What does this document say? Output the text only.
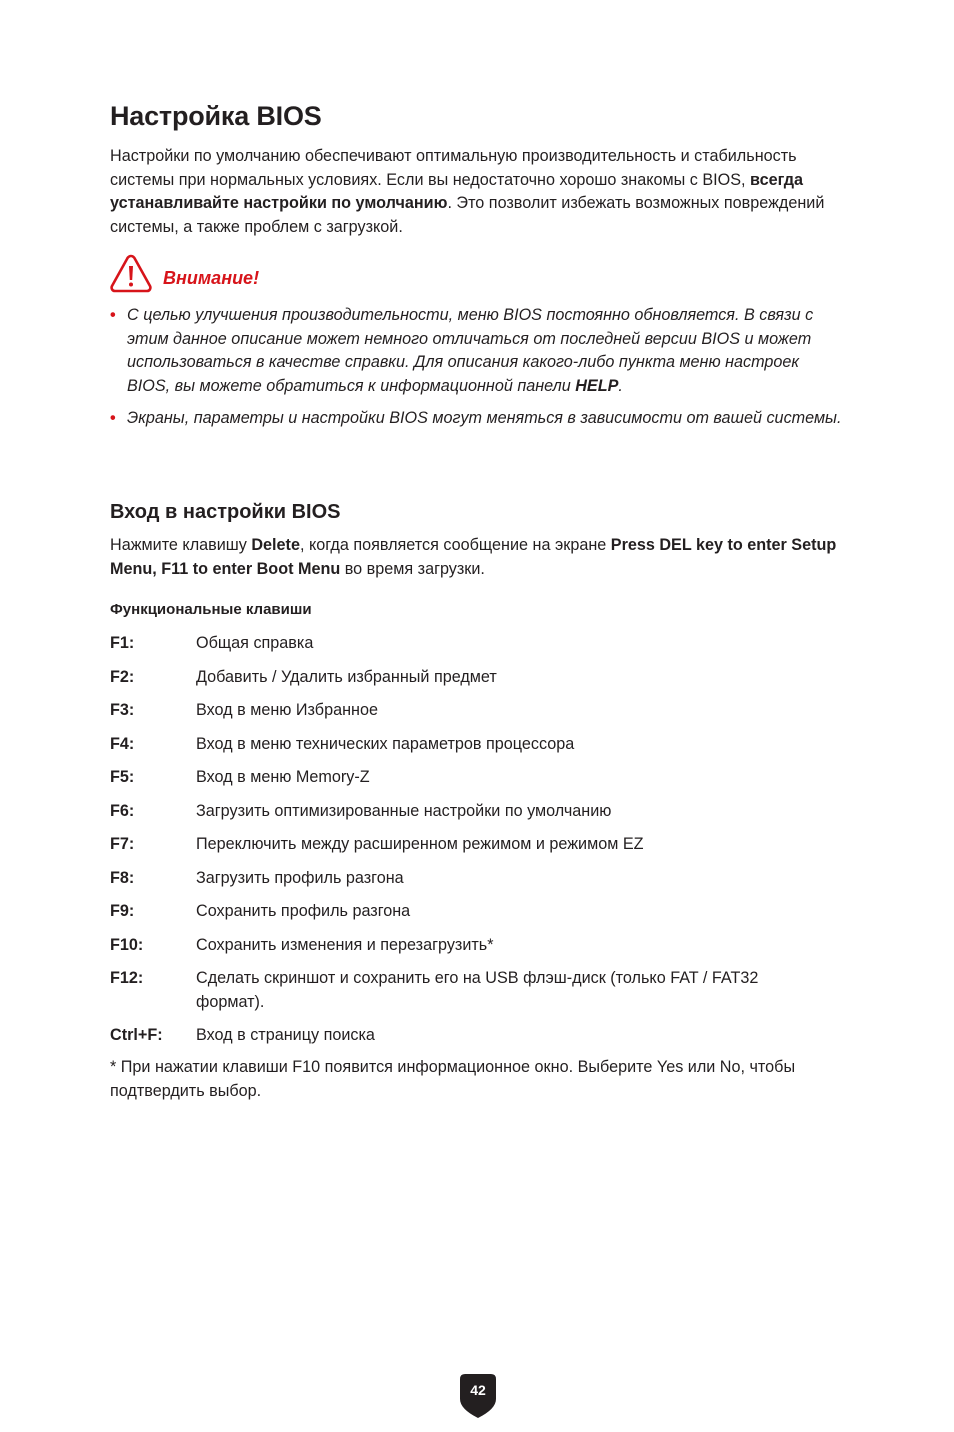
Настройка BIOS
Настройки по умолчанию обеспечивают оптимальную производительность и стабильность системы при нормальных условиях. Если вы недостаточно хорошо знакомы с BIOS, всегда устанавливайте настройки по умолчанию. Это позволит избежать возможных повреждений системы, а также проблем с загрузкой.
Внимание!
• С целью улучшения производительности, меню BIOS постоянно обновляется. В связи с этим данное описание может немного отличаться от последней версии BIOS и может использоваться в качестве справки. Для описания какого-либо пункта меню настроек BIOS, вы можете обратиться к информационной панели HELP.
• Экраны, параметры и настройки BIOS могут меняться в зависимости от вашей системы.
Вход в настройки BIOS
Нажмите клавишу Delete, когда появляется сообщение на экране Press DEL key to enter Setup Menu, F11 to enter Boot Menu во время загрузки.
Функциональные клавиши
F1:	Общая справка
F2:	Добавить / Удалить избранный предмет
F3:	Вход в меню Избранное
F4:	Вход в меню технических параметров процессора
F5:	Вход в меню Memory-Z
F6:	Загрузить оптимизированные настройки по умолчанию
F7:	Переключить между расширенном режимом и режимом EZ
F8:	Загрузить профиль разгона
F9:	Сохранить профиль разгона
F10:	Сохранить изменения и перезагрузить*
F12:	Сделать скриншот и сохранить его на USB флэш-диск (только FAT / FAT32 формат).
Ctrl+F: Вход в страницу поиска
* При нажатии клавиши F10 появится информационное окно. Выберите Yes или No, чтобы подтвердить выбор.
42
